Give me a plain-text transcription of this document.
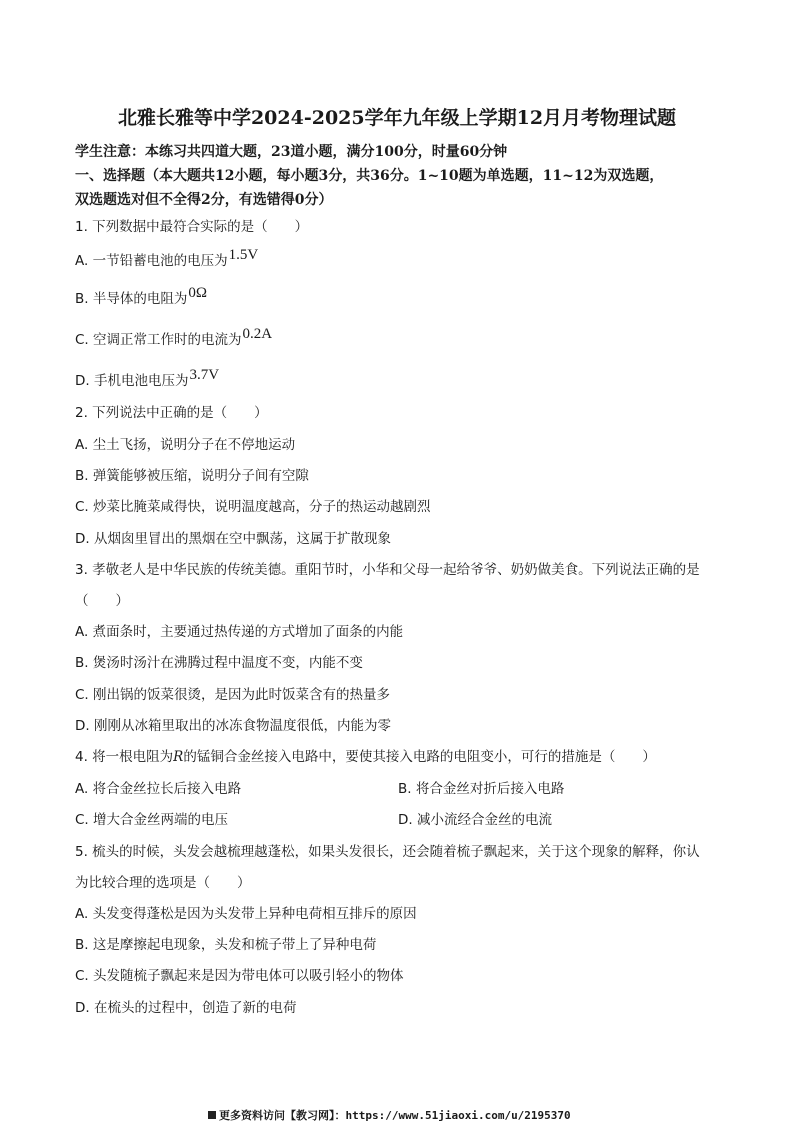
北雅长雅等中学2024-2025学年九年级上学期12月月考物理试题
学生注意：本练习共四道大题，23道小题，满分100分，时量60分钟
一、选择题（本大题共12小题，每小题3分，共36分。1~10题为单选题，11~12为双选题，
双选题选对但不全得2分，有选错得0分）
1. 下列数据中最符合实际的是（　　）
A. 一节铅蓄电池的电压为1.5V
B. 半导体的电阻为0Ω
C. 空调正常工作时的电流为0.2A
D. 手机电池电压为3.7V
2. 下列说法中正确的是（　　）
A. 尘土飞扬，说明分子在不停地运动
B. 弹簧能够被压缩，说明分子间有空隙
C. 炒菜比腌菜咸得快，说明温度越高，分子的热运动越剧烈
D. 从烟囱里冒出的黑烟在空中飘荡，这属于扩散现象
3. 孝敬老人是中华民族的传统美德。重阳节时，小华和父母一起给爷爷、奶奶做美食。下列说法正确的是
（　　）
A. 煮面条时，主要通过热传递的方式增加了面条的内能
B. 煲汤时汤汁在沸腾过程中温度不变，内能不变
C. 刚出锅的饭菜很烫，是因为此时饭菜含有的热量多
D. 刚刚从冰箱里取出的冰冻食物温度很低，内能为零
4. 将一根电阻为R的锰铜合金丝接入电路中，要使其接入电路的电阻变小，可行的措施是（　　）
A. 将合金丝拉长后接入电路	B. 将合金丝对折后接入电路
C. 增大合金丝两端的电压	D. 减小流经合金丝的电流
5. 梳头的时候，头发会越梳理越蓬松，如果头发很长，还会随着梳子飘起来，关于这个现象的解释，你认
为比较合理的选项是（　　）
A. 头发变得蓬松是因为头发带上异种电荷相互排斥的原因
B. 这是摩擦起电现象，头发和梳子带上了异种电荷
C. 头发随梳子飘起来是因为带电体可以吸引轻小的物体
D. 在梳头的过程中，创造了新的电荷
更多资料访问【教习网】：https://www.51jiaoxi.com/u/2195370
